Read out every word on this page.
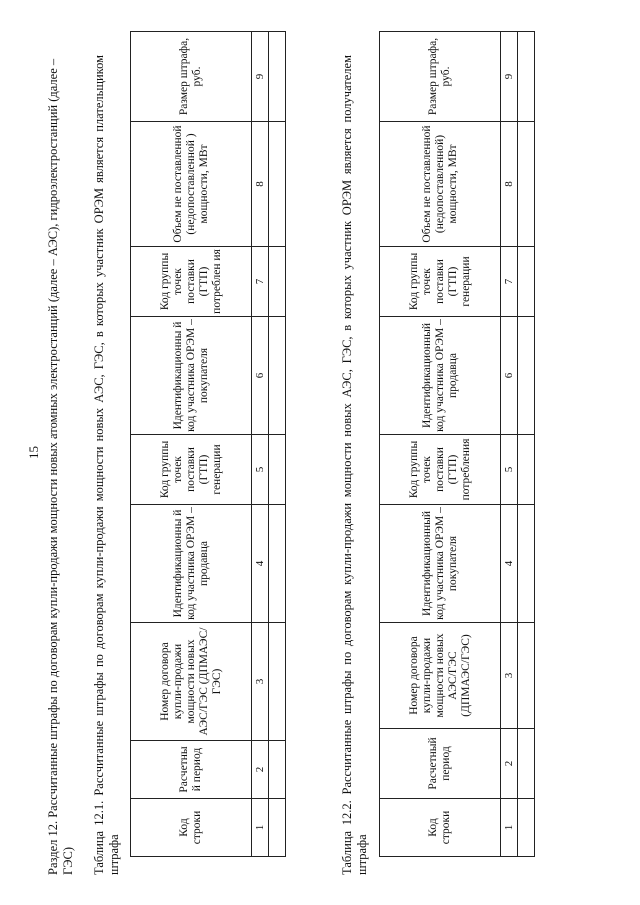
15 Раздел 12. Рассчитанные штрафы по договорам купли-продажи мощности новых атомных электростанций (далее – АЭС), гидроэлектростанций (далее – ГЭС) Таблица 12.1. Рассчитанные штрафы по договорам купли-продажи мощности новых АЭС, ГЭС, в которых участник ОРЭМ является плательщиком штрафа
Код строки	Расчетны й период	Номер договора купли-продажи мощности новых АЭС/ГЭС (ДПМАЭС/ГЭС)	Идентификационны й код участника ОРЭМ – продавца	Код группы точек поставки (ГТП) генерации	Идентификационны й код участника ОРЭМ – покупателя	Код группы точек поставки (ГТП) потреблен ия	Объем не поставленной (недопоставленной ) мощности, МВт	Размер штрафа, руб.
1	2	3	4	5	6	7	8	9
									Таблица 12.2. Рассчитанные штрафы по договорам купли-продажи мощности новых АЭС, ГЭС, в которых участник ОРЭМ является получателем штрафа
Код строки	Расчетный период	Номер договора купли-продажи мощности новых АЭС/ГЭС (ДПМАЭС/ГЭС)	Идентификационный код участника ОРЭМ –покупателя	Код группы точек поставки (ГТП) потребления	Идентификационный код участника ОРЭМ –продавца	Код группы точек поставки (ГТП) генерации	Объем не поставленной (недопоставленной) мощности, МВт	Размер штрафа, руб.
1	2	3	4	5	6	7	8	9
